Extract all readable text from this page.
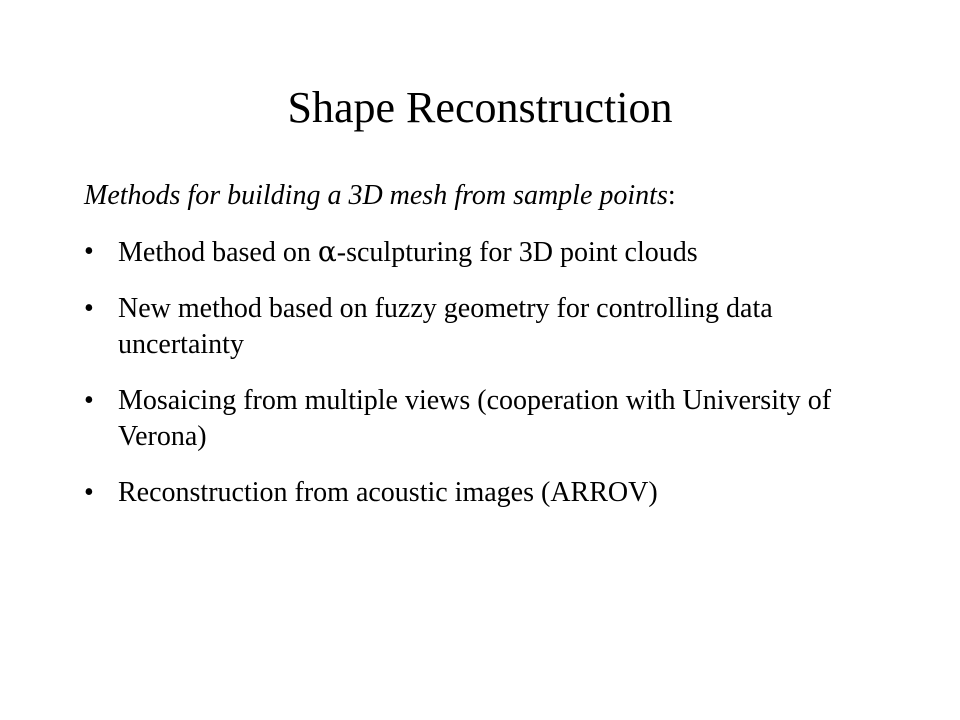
Shape Reconstruction

Methods for building a 3D mesh from sample points:

• Method based on α-sculpturing for 3D point clouds
• New method based on fuzzy geometry for controlling data uncertainty
• Mosaicing from multiple views (cooperation with University of Verona)
• Reconstruction from acoustic images (ARROV)
